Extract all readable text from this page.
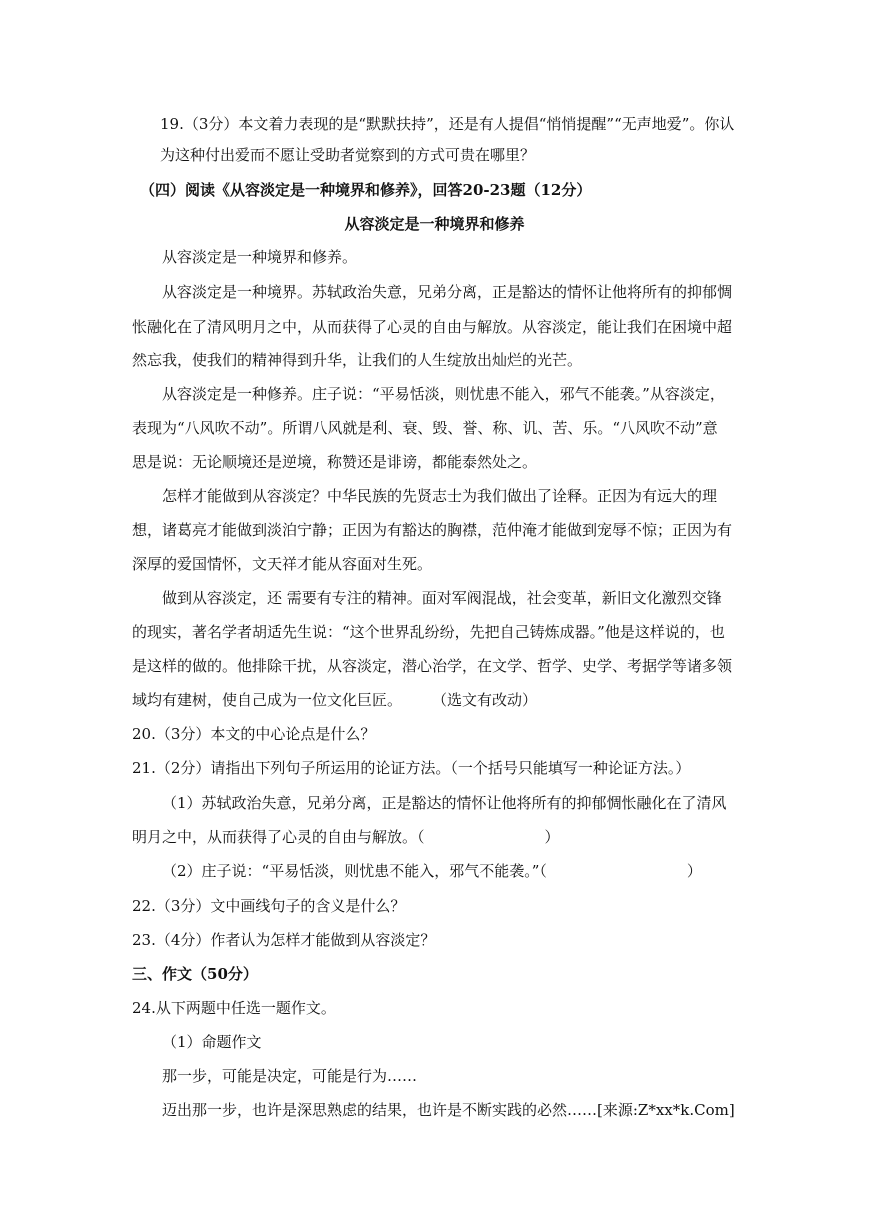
19.（3分）本文着力表现的是“默默扶持”，还是有人提倡“悄悄提醒”“无声地爱”。你认
为这种付出爱而不愿让受助者觉察到的方式可贵在哪里？
（四）阅读《从容淡定是一种境界和修养》，回答20-23题（12分）
从容淡定是一种境界和修养
从容淡定是一种境界和修养。
从容淡定是一种境界。苏轼政治失意，兄弟分离，正是豁达的情怀让他将所有的抑郁惆
怅融化在了清风明月之中，从而获得了心灵的自由与解放。从容淡定，能让我们在困境中超
然忘我，使我们的精神得到升华，让我们的人生绽放出灿烂的光芒。
从容淡定是一种修养。庄子说：“平易恬淡，则忧患不能入，邪气不能袭。”从容淡定，
表现为“八风吹不动”。所谓八风就是利、衰、毁、誉、称、讥、苦、乐。“八风吹不动”意
思是说：无论顺境还是逆境，称赞还是诽谤，都能泰然处之。
怎样才能做到从容淡定？中华民族的先贤志士为我们做出了诠释。正因为有远大的理
想，诸葛亮才能做到淡泊宁静；正因为有豁达的胸襟，范仲淹才能做到宠辱不惊；正因为有
深厚的爱国情怀，文天祥才能从容面对生死。
做到从容淡定，还 需要有专注的精神。面对军阀混战，社会变革，新旧文化激烈交锋
的现实，著名学者胡适先生说：“这个世界乱纷纷，先把自己铸炼成器。”他是这样说的，也
是这样的做的。他排除干扰，从容淡定，潜心治学，在文学、哲学、史学、考据学等诸多领
域均有建树，使自己成为一位文化巨匠。 （选文有改动）
20.（3分）本文的中心论点是什么？
21.（2分）请指出下列句子所运用的论证方法。（一个括号只能填写一种论证方法。）
（1）苏轼政治失意，兄弟分离，正是豁达的情怀让他将所有的抑郁惆怅融化在了清风
明月之中，从而获得了心灵的自由与解放。（	）
（2）庄子说：“平易恬淡，则忧患不能入，邪气不能袭。”（	）
22.（3分）文中画线句子的含义是什么？
23.（4分）作者认为怎样才能做到从容淡定？
三、作文（50分）
24.从下两题中任选一题作文。
（1）命题作文
那一步，可能是决定，可能是行为……
迈出那一步，也许是深思熟虑的结果，也许是不断实践的必然……[来源:Z*xx*k.Com]
